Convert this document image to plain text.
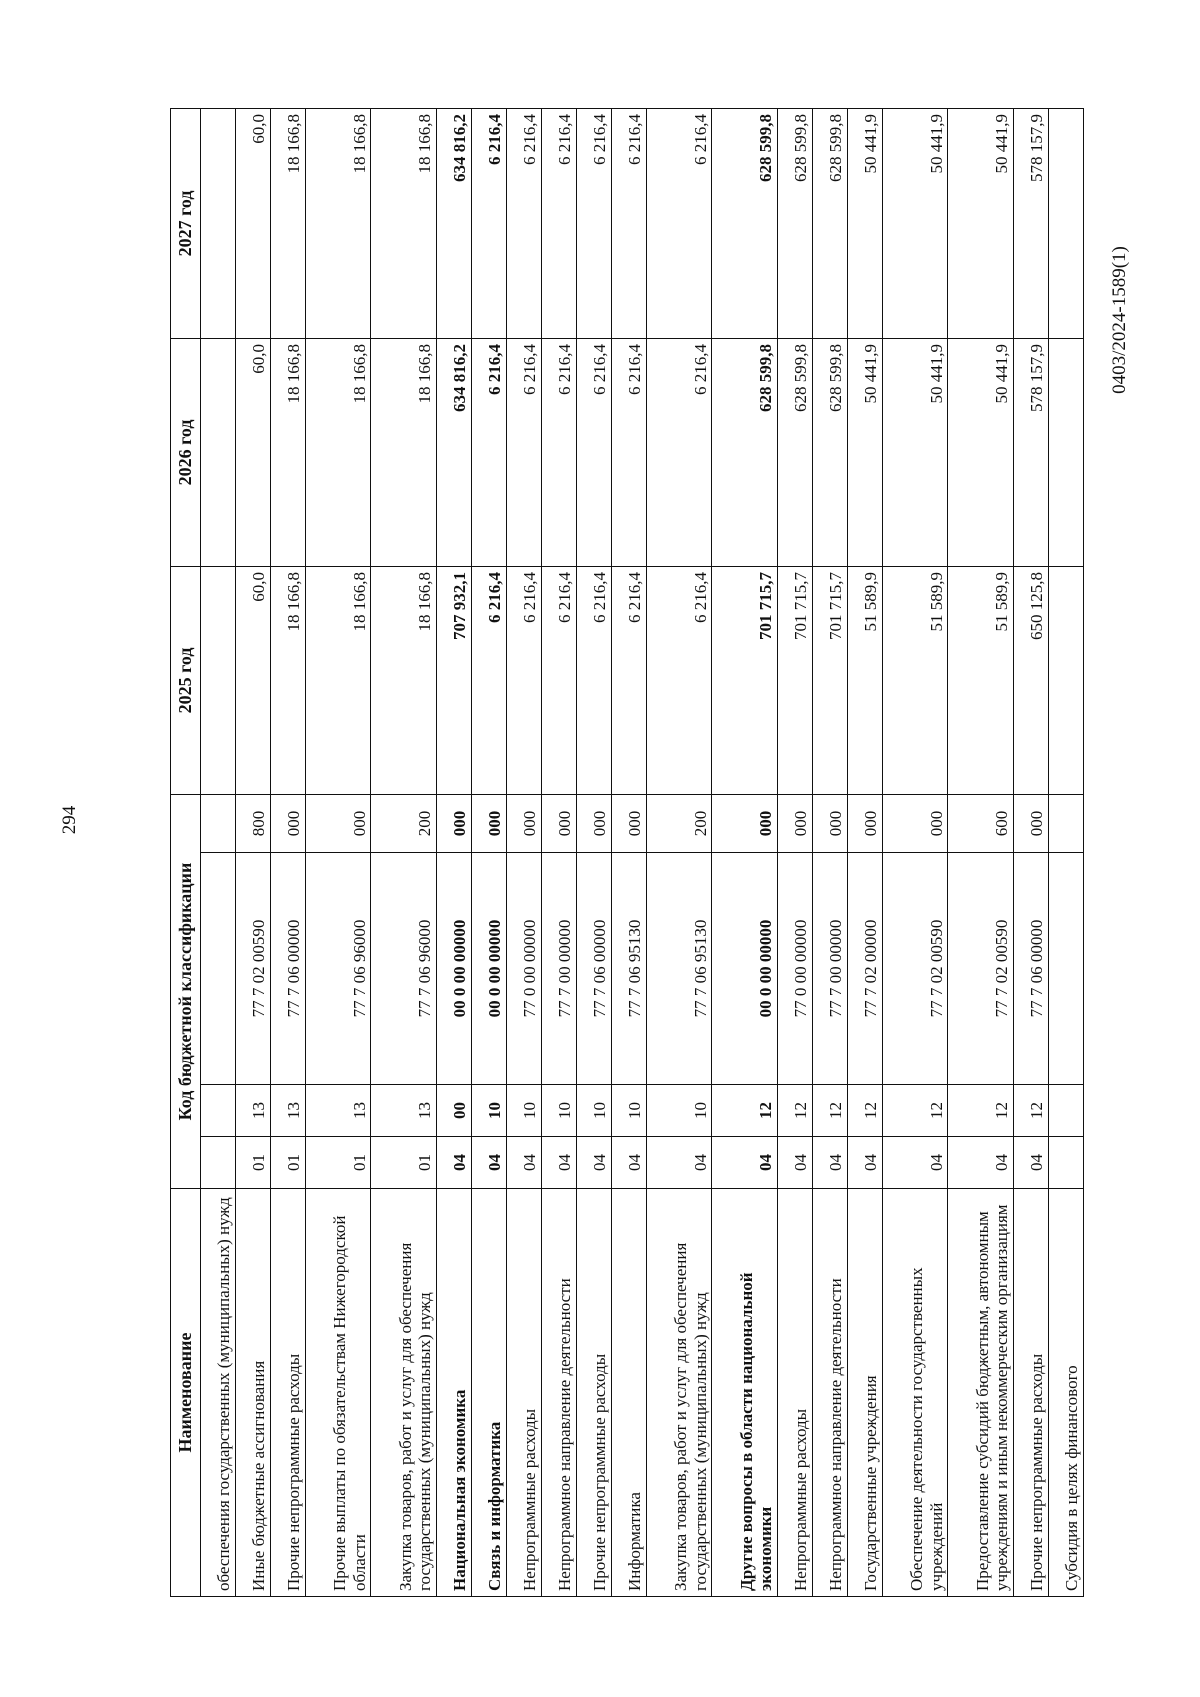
294
0403/2024-1589(1)
Наименование	Код бюджетной классификации				2025 год	2026 год	2027 год
обеспечения государственных (муниципальных) нужд							
Иные бюджетные ассигнования	01	13	77 7 02 00590	800	60,0	60,0	60,0
Прочие непрограммные расходы	01	13	77 7 06 00000	000	18 166,8	18 166,8	18 166,8
Прочие выплаты по обязательствам Нижегородской области	01	13	77 7 06 96000	000	18 166,8	18 166,8	18 166,8
Закупка товаров, работ и услуг для обеспечения государственных (муниципальных) нужд	01	13	77 7 06 96000	200	18 166,8	18 166,8	18 166,8
Национальная экономика	04	00	00 0 00 00000	000	707 932,1	634 816,2	634 816,2
Связь и информатика	04	10	00 0 00 00000	000	6 216,4	6 216,4	6 216,4
Непрограммные расходы	04	10	77 0 00 00000	000	6 216,4	6 216,4	6 216,4
Непрограммное направление деятельности	04	10	77 7 00 00000	000	6 216,4	6 216,4	6 216,4
Прочие непрограммные расходы	04	10	77 7 06 00000	000	6 216,4	6 216,4	6 216,4
Информатика	04	10	77 7 06 95130	000	6 216,4	6 216,4	6 216,4
Закупка товаров, работ и услуг для обеспечения государственных (муниципальных) нужд	04	10	77 7 06 95130	200	6 216,4	6 216,4	6 216,4
Другие вопросы в области национальной экономики	04	12	00 0 00 00000	000	701 715,7	628 599,8	628 599,8
Непрограммные расходы	04	12	77 0 00 00000	000	701 715,7	628 599,8	628 599,8
Непрограммное направление деятельности	04	12	77 7 00 00000	000	701 715,7	628 599,8	628 599,8
Государственные учреждения	04	12	77 7 02 00000	000	51 589,9	50 441,9	50 441,9
Обеспечение деятельности государственных учреждений	04	12	77 7 02 00590	000	51 589,9	50 441,9	50 441,9
Предоставление субсидий бюджетным, автономным учреждениям и иным некоммерческим организациям	04	12	77 7 02 00590	600	51 589,9	50 441,9	50 441,9
Прочие непрограммные расходы	04	12	77 7 06 00000	000	650 125,8	578 157,9	578 157,9
Субсидия в целях финансового							
